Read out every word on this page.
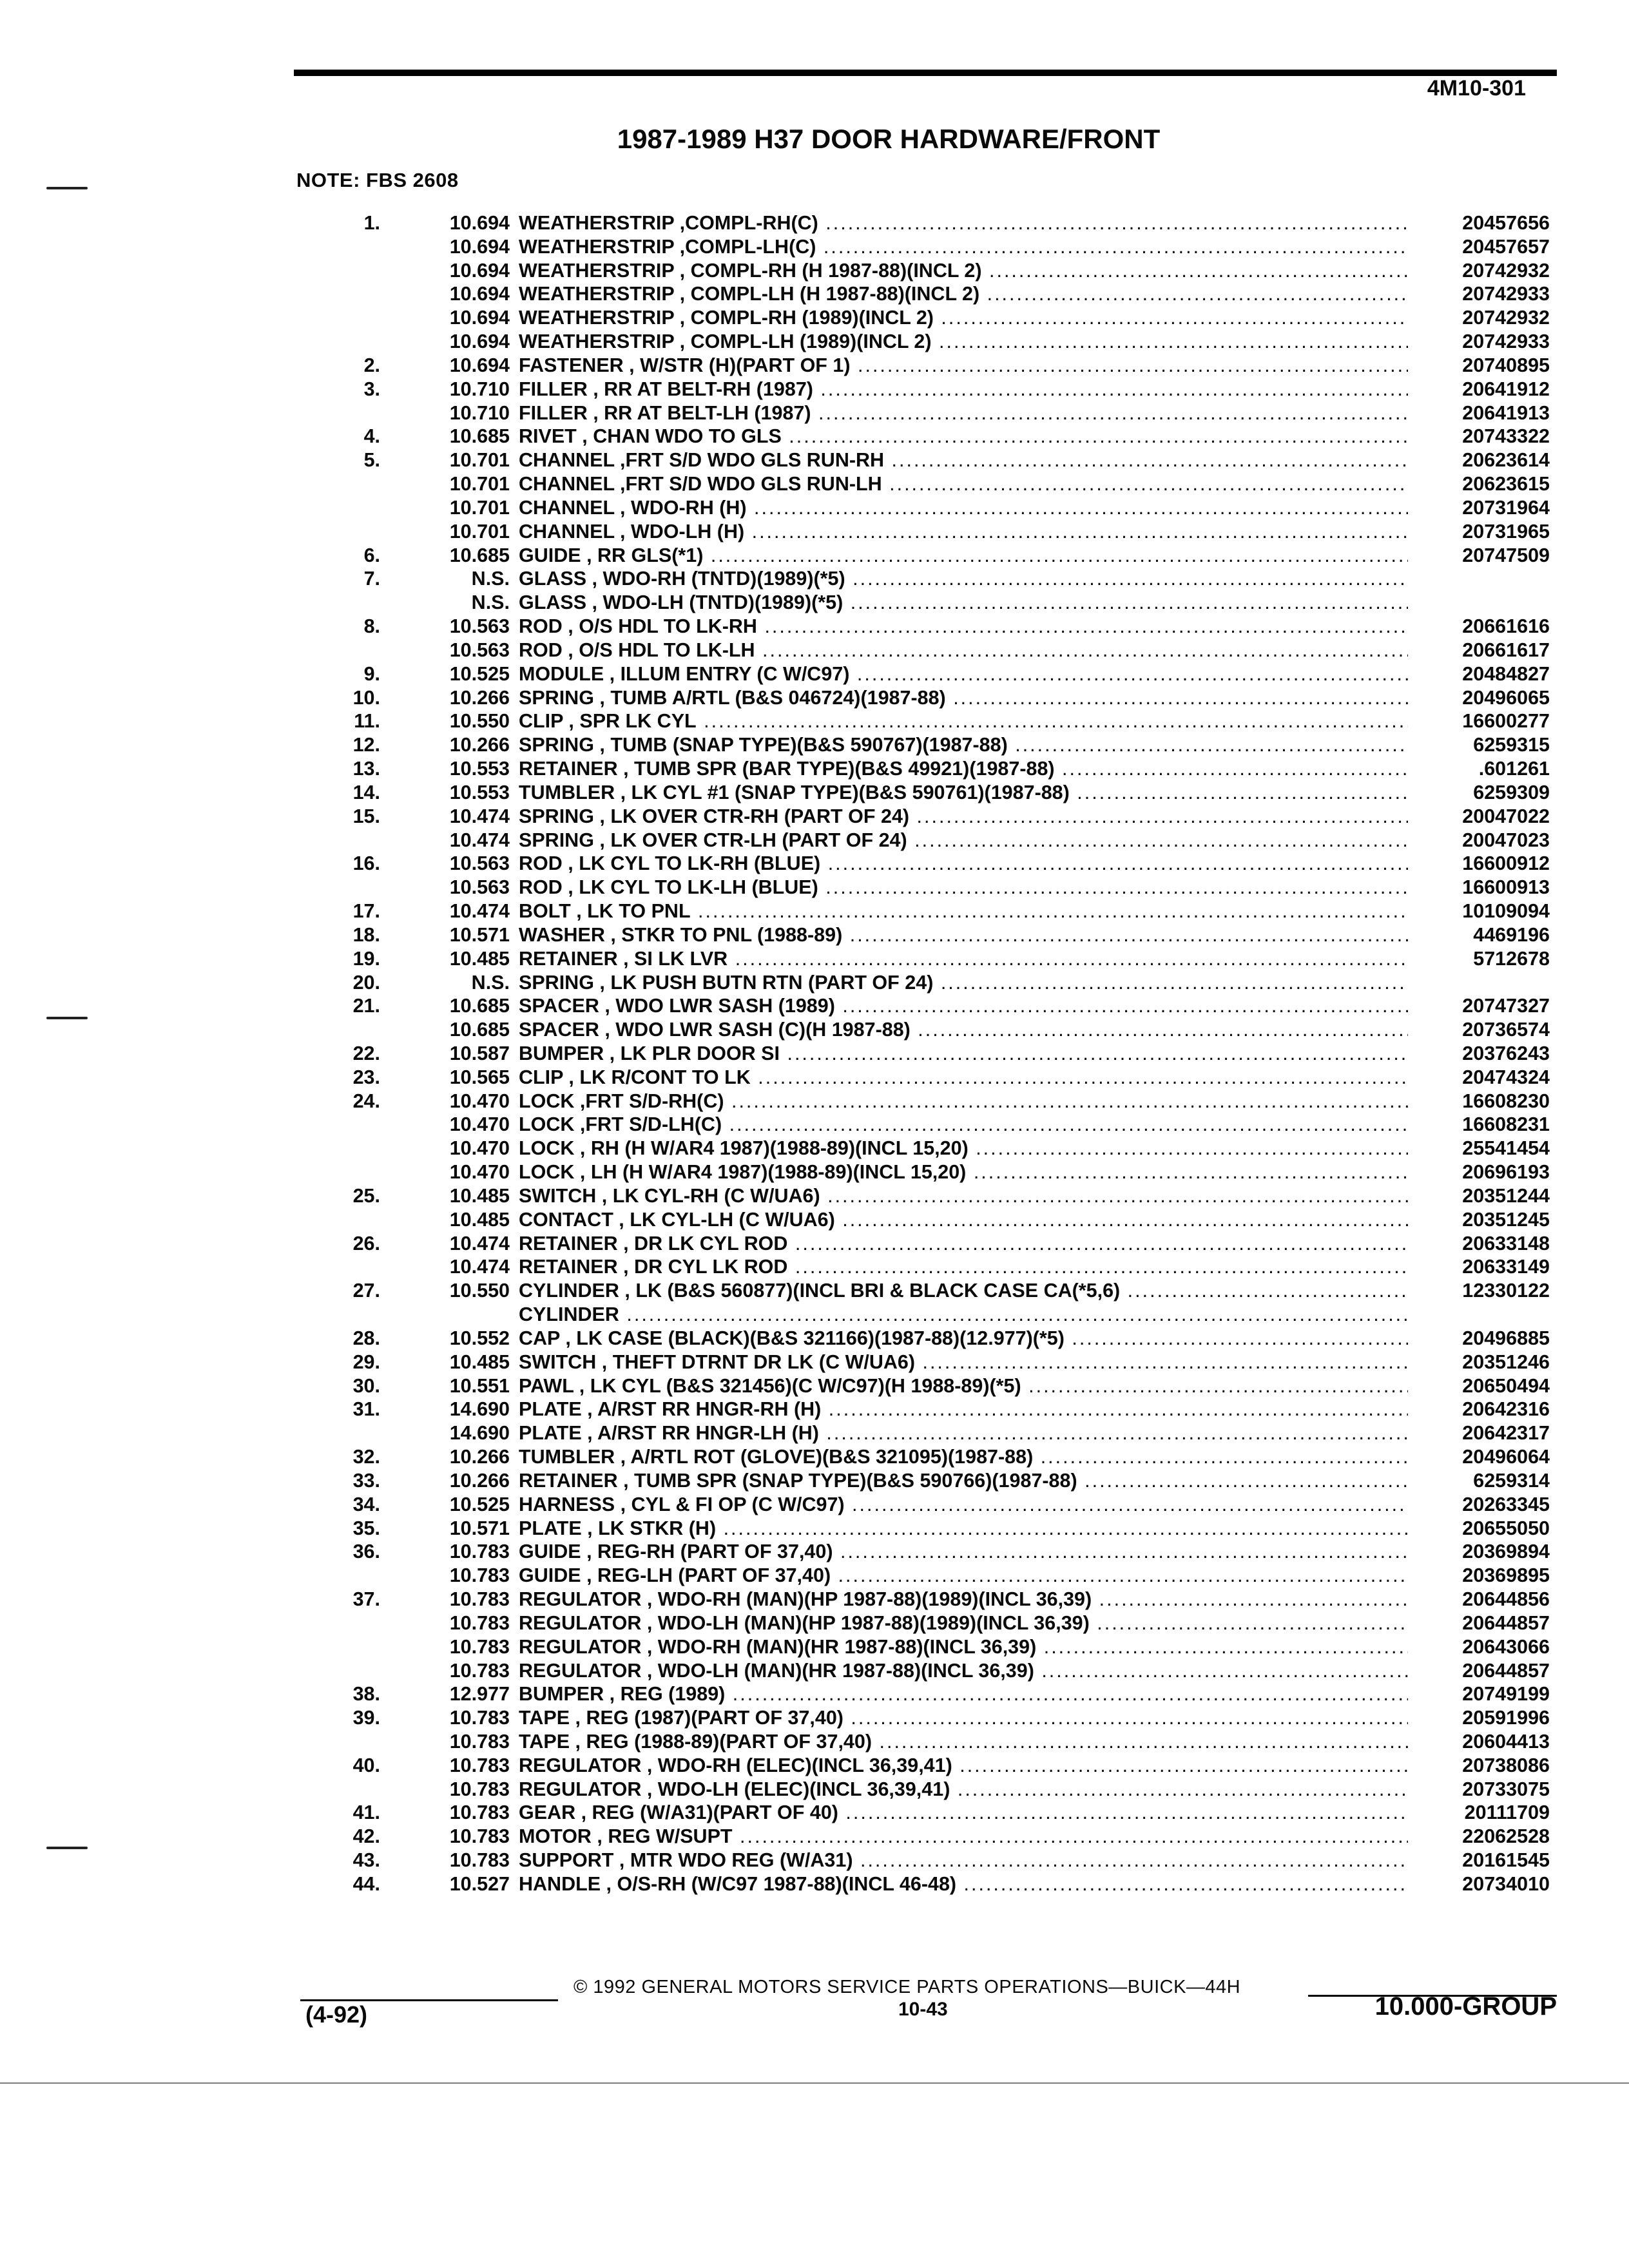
4M10-301
1987-1989 H37 DOOR HARDWARE/FRONT
NOTE: FBS 2608
1.	10.694 WEATHERSTRIP ,COMPL-RH(C) .....	20457656
10.694 WEATHERSTRIP ,COMPL-LH(C) .....	20457657
10.694 WEATHERSTRIP , COMPL-RH (H 1987-88)(INCL 2) .....	20742932
10.694 WEATHERSTRIP , COMPL-LH (H 1987-88)(INCL 2) .....	20742933
10.694 WEATHERSTRIP , COMPL-RH (1989)(INCL 2) .....	20742932
10.694 WEATHERSTRIP , COMPL-LH (1989)(INCL 2) .....	20742933
2.	10.694 FASTENER , W/STR (H)(PART OF 1) .....	20740895
3.	10.710 FILLER , RR AT BELT-RH (1987) .....	20641912
10.710 FILLER , RR AT BELT-LH (1987) .....	20641913
4.	10.685 RIVET , CHAN WDO TO GLS .....	20743322
5.	10.701 CHANNEL ,FRT S/D WDO GLS RUN-RH .....	20623614
10.701 CHANNEL ,FRT S/D WDO GLS RUN-LH .....	20623615
10.701 CHANNEL , WDO-RH (H) .....	20731964
10.701 CHANNEL , WDO-LH (H) .....	20731965
6.	10.685 GUIDE , RR GLS(*1) .....	20747509
7.	N.S. GLASS , WDO-RH (TNTD)(1989)(*5) .....
N.S. GLASS , WDO-LH (TNTD)(1989)(*5) .....
8.	10.563 ROD , O/S HDL TO LK-RH .....	20661616
10.563 ROD , O/S HDL TO LK-LH .....	20661617
9.	10.525 MODULE , ILLUM ENTRY (C W/C97) .....	20484827
10.	10.266 SPRING , TUMB A/RTL (B&S 046724)(1987-88) .....	20496065
11.	10.550 CLIP , SPR LK CYL .....	16600277
12.	10.266 SPRING , TUMB (SNAP TYPE)(B&S 590767)(1987-88) .....	6259315
13.	10.553 RETAINER , TUMB SPR (BAR TYPE)(B&S 49921)(1987-88) .....	.601261
14.	10.553 TUMBLER , LK CYL #1 (SNAP TYPE)(B&S 590761)(1987-88) .....	6259309
15.	10.474 SPRING , LK OVER CTR-RH (PART OF 24) .....	20047022
10.474 SPRING , LK OVER CTR-LH (PART OF 24) .....	20047023
16.	10.563 ROD , LK CYL TO LK-RH (BLUE) .....	16600912
10.563 ROD , LK CYL TO LK-LH (BLUE) .....	16600913
17.	10.474 BOLT , LK TO PNL .....	10109094
18.	10.571 WASHER , STKR TO PNL (1988-89) .....	4469196
19.	10.485 RETAINER , SI LK LVR .....	5712678
20.	N.S. SPRING , LK PUSH BUTN RTN (PART OF 24) .....
21.	10.685 SPACER , WDO LWR SASH (1989) .....	20747327
10.685 SPACER , WDO LWR SASH (C)(H 1987-88) .....	20736574
22.	10.587 BUMPER , LK PLR DOOR SI .....	20376243
23.	10.565 CLIP , LK R/CONT TO LK .....	20474324
24.	10.470 LOCK ,FRT S/D-RH(C) .....	16608230
10.470 LOCK ,FRT S/D-LH(C) .....	16608231
10.470 LOCK , RH (H W/AR4 1987)(1988-89)(INCL 15,20) .....	25541454
10.470 LOCK , LH (H W/AR4 1987)(1988-89)(INCL 15,20) .....	20696193
25.	10.485 SWITCH , LK CYL-RH (C W/UA6) .....	20351244
10.485 CONTACT , LK CYL-LH (C W/UA6) .....	20351245
26.	10.474 RETAINER , DR LK CYL ROD .....	20633148
10.474 RETAINER , DR CYL LK ROD .....	20633149
27.	10.550 CYLINDER , LK (B&S 560877)(INCL BRI & BLACK CASE CA(*5,6) .....	12330122
CYLINDER .....
28.	10.552 CAP , LK CASE (BLACK)(B&S 321166)(1987-88)(12.977)(*5) .....	20496885
29.	10.485 SWITCH , THEFT DTRNT DR LK (C W/UA6) .....	20351246
30.	10.551 PAWL , LK CYL (B&S 321456)(C W/C97)(H 1988-89)(*5) .....	20650494
31.	14.690 PLATE , A/RST RR HNGR-RH (H) .....	20642316
14.690 PLATE , A/RST RR HNGR-LH (H) .....	20642317
32.	10.266 TUMBLER , A/RTL ROT (GLOVE)(B&S 321095)(1987-88) .....	20496064
33.	10.266 RETAINER , TUMB SPR (SNAP TYPE)(B&S 590766)(1987-88) .....	6259314
34.	10.525 HARNESS , CYL & FI OP (C W/C97) .....	20263345
35.	10.571 PLATE , LK STKR (H) .....	20655050
36.	10.783 GUIDE , REG-RH (PART OF 37,40) .....	20369894
10.783 GUIDE , REG-LH (PART OF 37,40) .....	20369895
37.	10.783 REGULATOR , WDO-RH (MAN)(HP 1987-88)(1989)(INCL 36,39) .....	20644856
10.783 REGULATOR , WDO-LH (MAN)(HP 1987-88)(1989)(INCL 36,39) .....	20644857
10.783 REGULATOR , WDO-RH (MAN)(HR 1987-88)(INCL 36,39) .....	20643066
10.783 REGULATOR , WDO-LH (MAN)(HR 1987-88)(INCL 36,39) .....	20644857
38.	12.977 BUMPER , REG (1989) .....	20749199
39.	10.783 TAPE , REG (1987)(PART OF 37,40) .....	20591996
10.783 TAPE , REG (1988-89)(PART OF 37,40) .....	20604413
40.	10.783 REGULATOR , WDO-RH (ELEC)(INCL 36,39,41) .....	20738086
10.783 REGULATOR , WDO-LH (ELEC)(INCL 36,39,41) .....	20733075
41.	10.783 GEAR , REG (W/A31)(PART OF 40) .....	20111709
42.	10.783 MOTOR , REG W/SUPT .....	22062528
43.	10.783 SUPPORT , MTR WDO REG (W/A31) .....	20161545
44.	10.527 HANDLE , O/S-RH (W/C97 1987-88)(INCL 46-48) .....	20734010
© 1992 GENERAL MOTORS SERVICE PARTS OPERATIONS—BUICK—44H
(4-92)	10-43	10.000-GROUP
